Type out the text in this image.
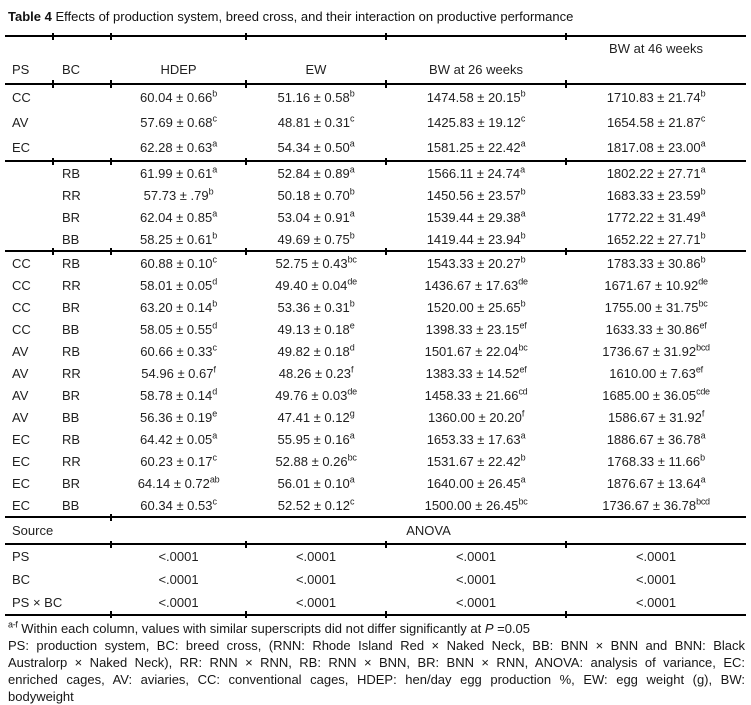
Table 4 Effects of production system, breed cross, and their interaction on productive performance
PS	BC	HDEP	EW	BW at 26 weeks	BW at 46 weeks
CC		60.04 ± 0.66$^b$	51.16 ± 0.58$^b$	1474.58 ± 20.15$^b$	1710.83 ± 21.74$^b$
AV		57.69 ± 0.68$^c$	48.81 ± 0.31$^c$	1425.83 ± 19.12$^c$	1654.58 ± 21.87$^c$
EC		62.28 ± 0.63$^a$	54.34 ± 0.50$^a$	1581.25 ± 22.42$^a$	1817.08 ± 23.00$^a$
	RB	61.99 ± 0.61$^a$	52.84 ± 0.89$^a$	1566.11 ± 24.74$^a$	1802.22 ± 27.71$^a$
	RR	57.73 ± .79$^b$	50.18 ± 0.70$^b$	1450.56 ± 23.57$^b$	1683.33 ± 23.59$^b$
	BR	62.04 ± 0.85$^a$	53.04 ± 0.91$^a$	1539.44 ± 29.38$^a$	1772.22 ± 31.49$^a$
	BB	58.25 ± 0.61$^b$	49.69 ± 0.75$^b$	1419.44 ± 23.94$^b$	1652.22 ± 27.71$^b$
CC	RB	60.88 ± 0.10$^c$	52.75 ± 0.43$^{bc}$	1543.33 ± 20.27$^b$	1783.33 ± 30.86$^b$
CC	RR	58.01 ± 0.05$^d$	49.40 ± 0.04de	1436.67 ± 17.63de	1671.67 ± 10.92de
CC	BR	63.20 ± 0.14$^b$	53.36 ± 0.31$^b$	1520.00 ± 25.65$^b$	1755.00 ± 31.75$^{bc}$
CC	BB	58.05 ± 0.55$^d$	49.13 ± 0.18$^e$	1398.33 ± 23.15$^{ef}$	1633.33 ± 30.86$^{ef}$
AV	RB	60.66 ± 0.33$^c$	49.82 ± 0.18$^d$	1501.67 ± 22.04$^{bc}$	1736.67 ± 31.92$^{bcd}$
AV	RR	54.96 ± 0.67$^f$	48.26 ± 0.23$^f$	1383.33 ± 14.52$^{ef}$	1610.00 ± 7.63$^{ef}$
AV	BR	58.78 ± 0.14$^d$	49.76 ± 0.03de	1458.33 ± 21.66$^{cd}$	1685.00 ± 36.05$^{cde}$
AV	BB	56.36 ± 0.19$^e$	47.41 ± 0.12$^g$	1360.00 ± 20.20$^f$	1586.67 ± 31.92$^f$
EC	RB	64.42 ± 0.05$^a$	55.95 ± 0.16$^a$	1653.33 ± 17.63$^a$	1886.67 ± 36.78$^a$
EC	RR	60.23 ± 0.17$^c$	52.88 ± 0.26$^{bc}$	1531.67 ± 22.42$^b$	1768.33 ± 11.66$^b$
EC	BR	64.14 ± 0.72$^{ab}$	56.01 ± 0.10$^a$	1640.00 ± 26.45$^a$	1876.67 ± 13.64$^a$
EC	BB	60.34 ± 0.53$^c$	52.52 ± 0.12$^c$	1500.00 ± 26.45$^{bc}$	1736.67 ± 36.78$^{bcd}$
Source		ANOVA			
PS		<.0001	<.0001	<.0001	<.0001
BC		<.0001	<.0001	<.0001	<.0001
PS × BC		<.0001	<.0001	<.0001	<.0001
$^{a-f}$ Within each column, values with similar superscripts did not differ significantly at P =0.05
PS: production system, BC: breed cross, (RNN: Rhode Island Red × Naked Neck, BB: BNN × BNN and BNN: Black
Australorp × Naked Neck), RR: RNN × RNN, RB: RNN × BNN, BR: BNN × RNN, ANOVA: analysis of variance, EC:
enriched cages, AV: aviaries, CC: conventional cages, HDEP: hen/day egg production %, EW: egg weight (g), BW:
bodyweight
